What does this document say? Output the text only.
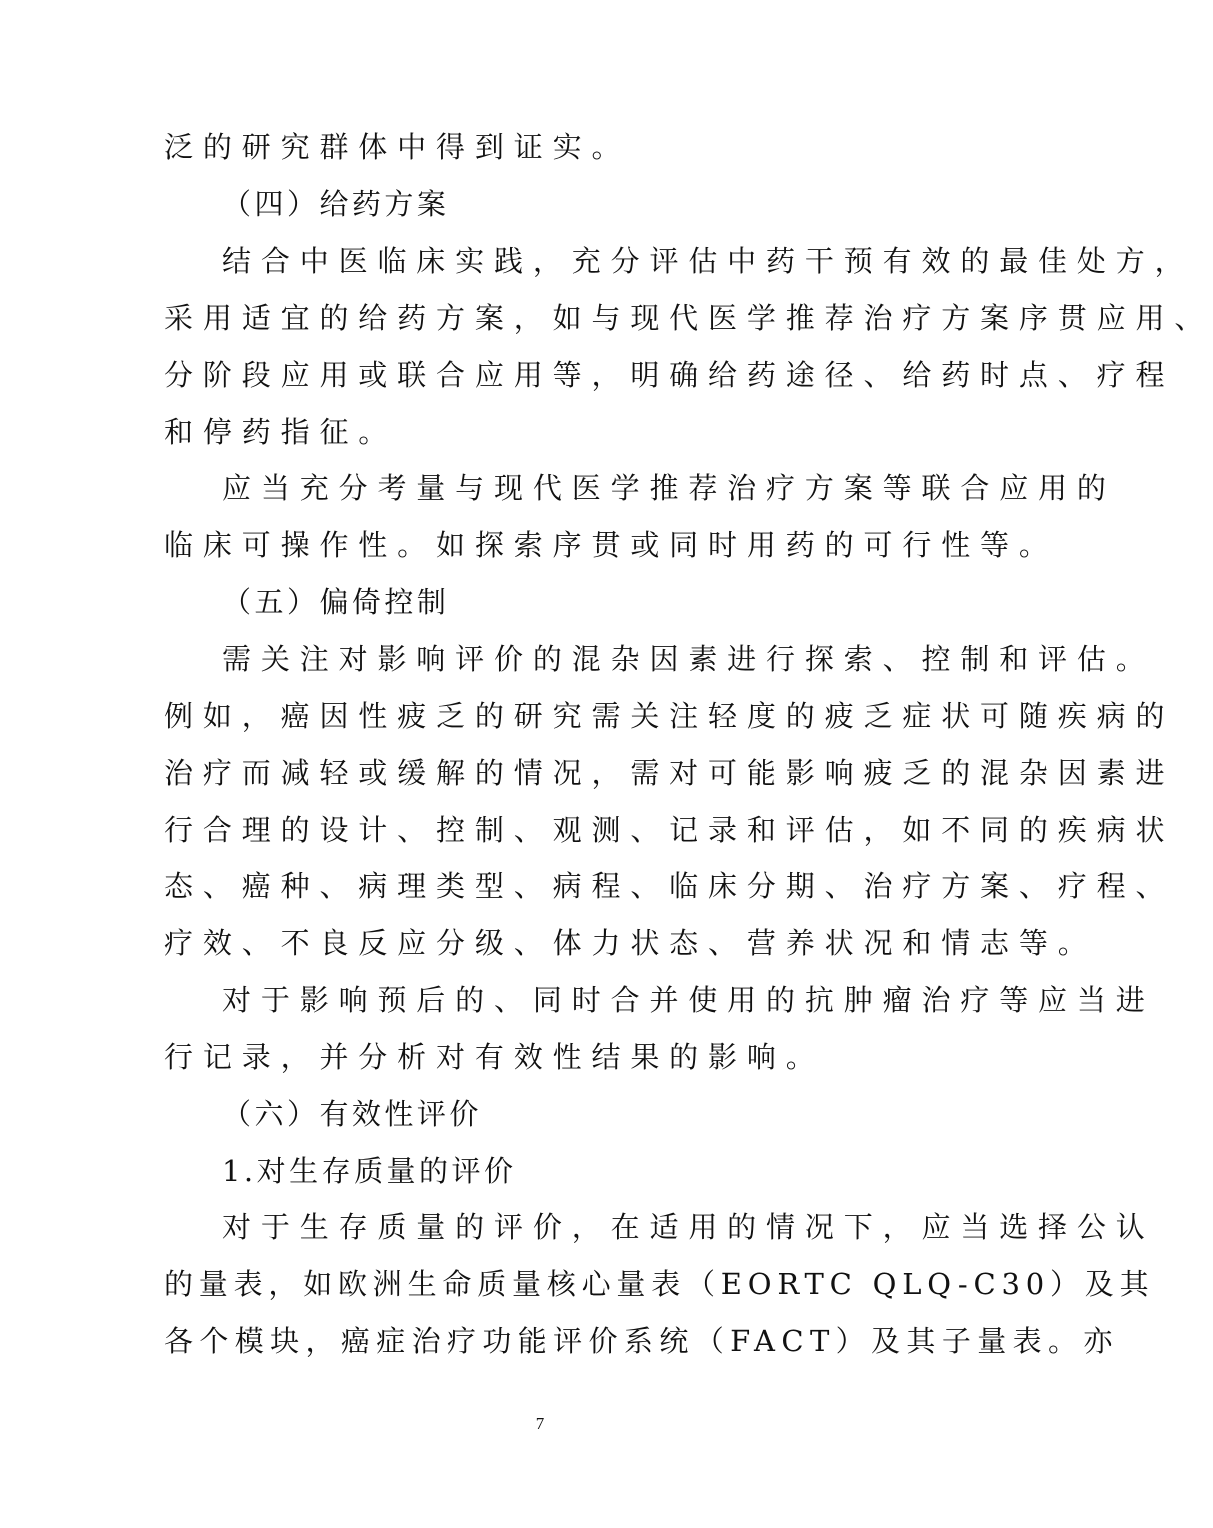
泛的研究群体中得到证实。
（四）给药方案
结合中医临床实践，充分评估中药干预有效的最佳处方，
采用适宜的给药方案，如与现代医学推荐治疗方案序贯应用、
分阶段应用或联合应用等，明确给药途径、给药时点、疗程
和停药指征。
应当充分考量与现代医学推荐治疗方案等联合应用的
临床可操作性。如探索序贯或同时用药的可行性等。
（五）偏倚控制
需关注对影响评价的混杂因素进行探索、控制和评估。
例如，癌因性疲乏的研究需关注轻度的疲乏症状可随疾病的
治疗而减轻或缓解的情况，需对可能影响疲乏的混杂因素进
行合理的设计、控制、观测、记录和评估，如不同的疾病状
态、癌种、病理类型、病程、临床分期、治疗方案、疗程、
疗效、不良反应分级、体力状态、营养状况和情志等。
对于影响预后的、同时合并使用的抗肿瘤治疗等应当进
行记录，并分析对有效性结果的影响。
（六）有效性评价
1.对生存质量的评价
对于生存质量的评价，在适用的情况下，应当选择公认
的量表，如欧洲生命质量核心量表（EORTC QLQ-C30）及其
各个模块，癌症治疗功能评价系统（FACT）及其子量表。亦
7
